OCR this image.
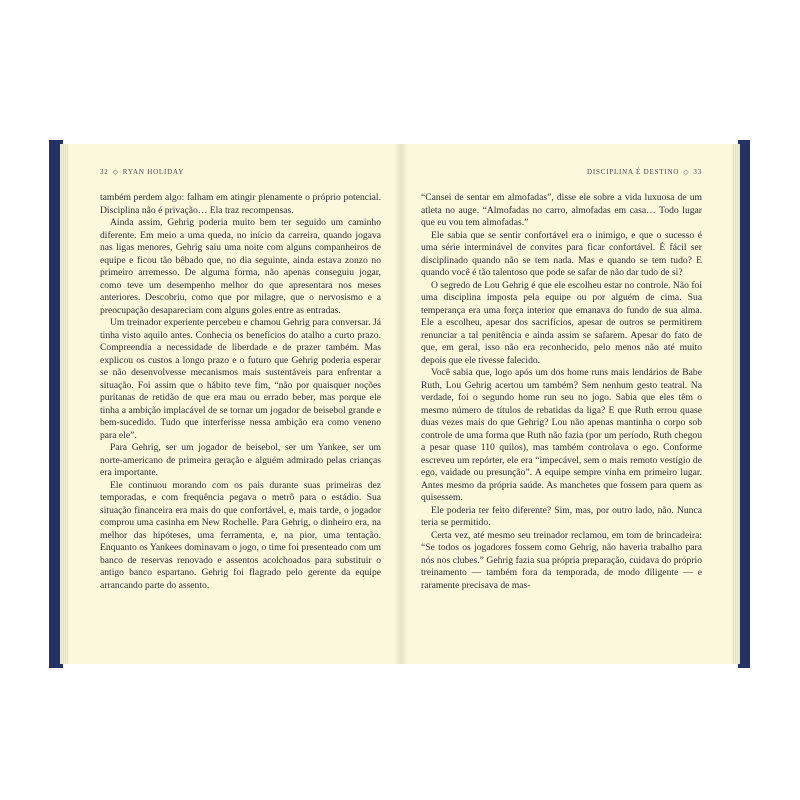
32 ◇ RYAN HOLIDAY

também perdem algo: falham em atingir plenamente o próprio potencial. Disciplina não é privação… Ela traz recompensas.

Ainda assim, Gehrig poderia muito bem ter seguido um caminho diferente. Em meio a uma queda, no início da carreira, quando jogava nas ligas menores, Gehrig saiu uma noite com alguns companheiros de equipe e ficou tão bêbado que, no dia seguinte, ainda estava zonzo no primeiro arremesso. De alguma forma, não apenas conseguiu jogar, como teve um desempenho melhor do que apresentara nos meses anteriores. Descobriu, como que por milagre, que o nervosismo e a preocupação desapareciam com alguns goles entre as entradas.

Um treinador experiente percebeu e chamou Gehrig para conversar. Já tinha visto aquilo antes. Conhecia os benefícios do atalho a curto prazo. Compreendia a necessidade de liberdade e de prazer também. Mas explicou os custos a longo prazo e o futuro que Gehrig poderia esperar se não desenvolvesse mecanismos mais sustentáveis para enfrentar a situação. Foi assim que o hábito teve fim, “não por quaisquer noções puritanas de retidão de que era mau ou errado beber, mas porque ele tinha a ambição implacável de se tornar um jogador de beisebol grande e bem-sucedido. Tudo que interferisse nessa ambição era como veneno para ele”.

Para Gehrig, ser um jogador de beisebol, ser um Yankee, ser um norte-americano de primeira geração e alguém admirado pelas crianças era importante.

Ele continuou morando com os pais durante suas primeiras dez temporadas, e com frequência pegava o metrô para o estádio. Sua situação financeira era mais do que confortável, e, mais tarde, o jogador comprou uma casinha em New Rochelle. Para Gehrig, o dinheiro era, na melhor das hipóteses, uma ferramenta, e, na pior, uma tentação. Enquanto os Yankees dominavam o jogo, o time foi presenteado com um banco de reservas renovado e assentos acolchoados para substituir o antigo banco espartano. Gehrig foi flagrado pelo gerente da equipe arrancando parte do assento.

DISCIPLINA É DESTINO ◇ 33

“Cansei de sentar em almofadas”, disse ele sobre a vida luxuosa de um atleta no auge. “Almofadas no carro, almofadas em casa… Todo lugar que eu vou tem almofadas.”

Ele sabia que se sentir confortável era o inimigo, e que o sucesso é uma série interminável de convites para ficar confortável. É fácil ser disciplinado quando não se tem nada. Mas e quando se tem tudo? E quando você é tão talentoso que pode se safar de não dar tudo de si?

O segredo de Lou Gehrig é que ele escolheu estar no controle. Não foi uma disciplina imposta pela equipe ou por alguém de cima. Sua temperança era uma força interior que emanava do fundo de sua alma. Ele a escolheu, apesar dos sacrifícios, apesar de outros se permitirem renunciar a tal penitência e ainda assim se safarem. Apesar do fato de que, em geral, isso não era reconhecido, pelo menos não até muito depois que ele tivesse falecido.

Você sabia que, logo após um dos home runs mais lendários de Babe Ruth, Lou Gehrig acertou um também? Sem nenhum gesto teatral. Na verdade, foi o segundo home run seu no jogo. Sabia que eles têm o mesmo número de títulos de rebatidas da liga? E que Ruth errou quase duas vezes mais do que Gehrig? Lou não apenas mantinha o corpo sob controle de uma forma que Ruth não fazia (por um período, Ruth chegou a pesar quase 110 quilos), mas também controlava o ego. Conforme escreveu um repórter, ele era “impecável, sem o mais remoto vestígio de ego, vaidade ou presunção”. A equipe sempre vinha em primeiro lugar. Antes mesmo da própria saúde. As manchetes que fossem para quem as quisessem.

Ele poderia ter feito diferente? Sim, mas, por outro lado, não. Nunca teria se permitido.

Certa vez, até mesmo seu treinador reclamou, em tom de brincadeira: “Se todos os jogadores fossem como Gehrig, não haveria trabalho para nós nos clubes.” Gehrig fazia sua própria preparação, cuidava do próprio treinamento — também fora da temporada, de modo diligente — e raramente precisava de mas-
